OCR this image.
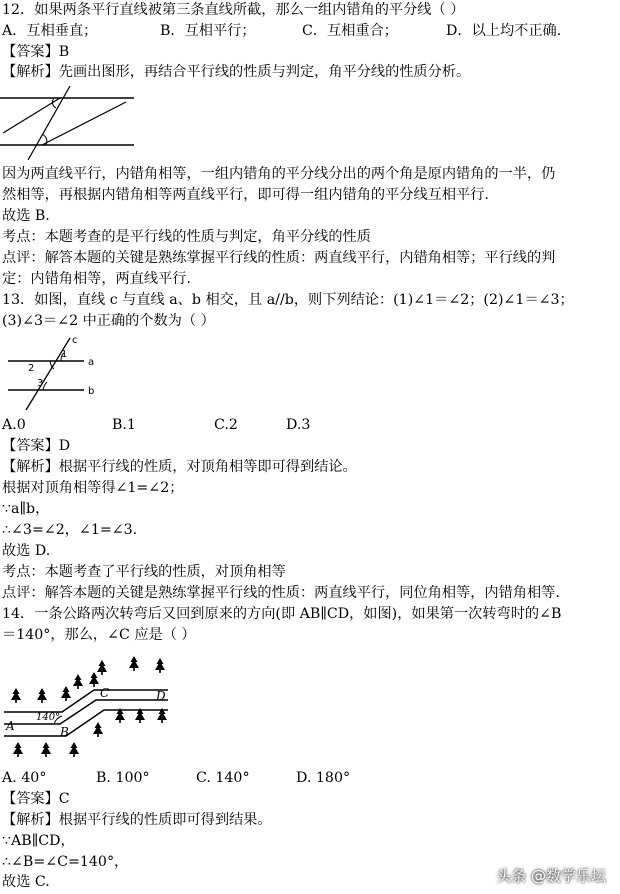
12．如果两条平行直线被第三条直线所截，那么一组内错角的平分线（ ）
A．互相垂直；	B．互相平行；	C．互相重合；	D．以上均不正确.
【答案】B
【解析】先画出图形，再结合平行线的性质与判定，角平分线的性质分析。
因为两直线平行，内错角相等，一组内错角的平分线分出的两个角是原内错角的一半，仍
然相等，再根据内错角相等两直线平行，即可得一组内错角的平分线互相平行.
故选 B.
考点：本题考查的是平行线的性质与判定，角平分线的性质
点评：解答本题的关键是熟练掌握平行线的性质：两直线平行，内错角相等；平行线的判
定：内错角相等，两直线平行.
13．如图，直线 c 与直线 a、b 相交，且 a//b，则下列结论：(1)∠1＝∠2；(2)∠1＝∠3；
(3)∠3＝∠2 中正确的个数为（ ）
c
a
b
1
2
3
A.0	B.1	C.2	D.3
【答案】D
【解析】根据平行线的性质，对顶角相等即可得到结论。
根据对顶角相等得∠1=∠2；
∵a∥b，
∴∠3=∠2，∠1=∠3.
故选 D.
考点：本题考查了平行线的性质，对顶角相等
点评：解答本题的关键是熟练掌握平行线的性质：两直线平行，同位角相等，内错角相等.
14．一条公路两次转弯后又回到原来的方向(即 AB∥CD，如图)，如果第一次转弯时的∠B
＝140°，那么，∠C 应是（ ）
A	B
C	D
140°
A. 40°	B. 100°	C. 140°	D. 180°
【答案】C
【解析】根据平行线的性质即可得到结果。
∵AB∥CD，
∴∠B=∠C=140°，
故选 C.	头条 @数学乐坛
